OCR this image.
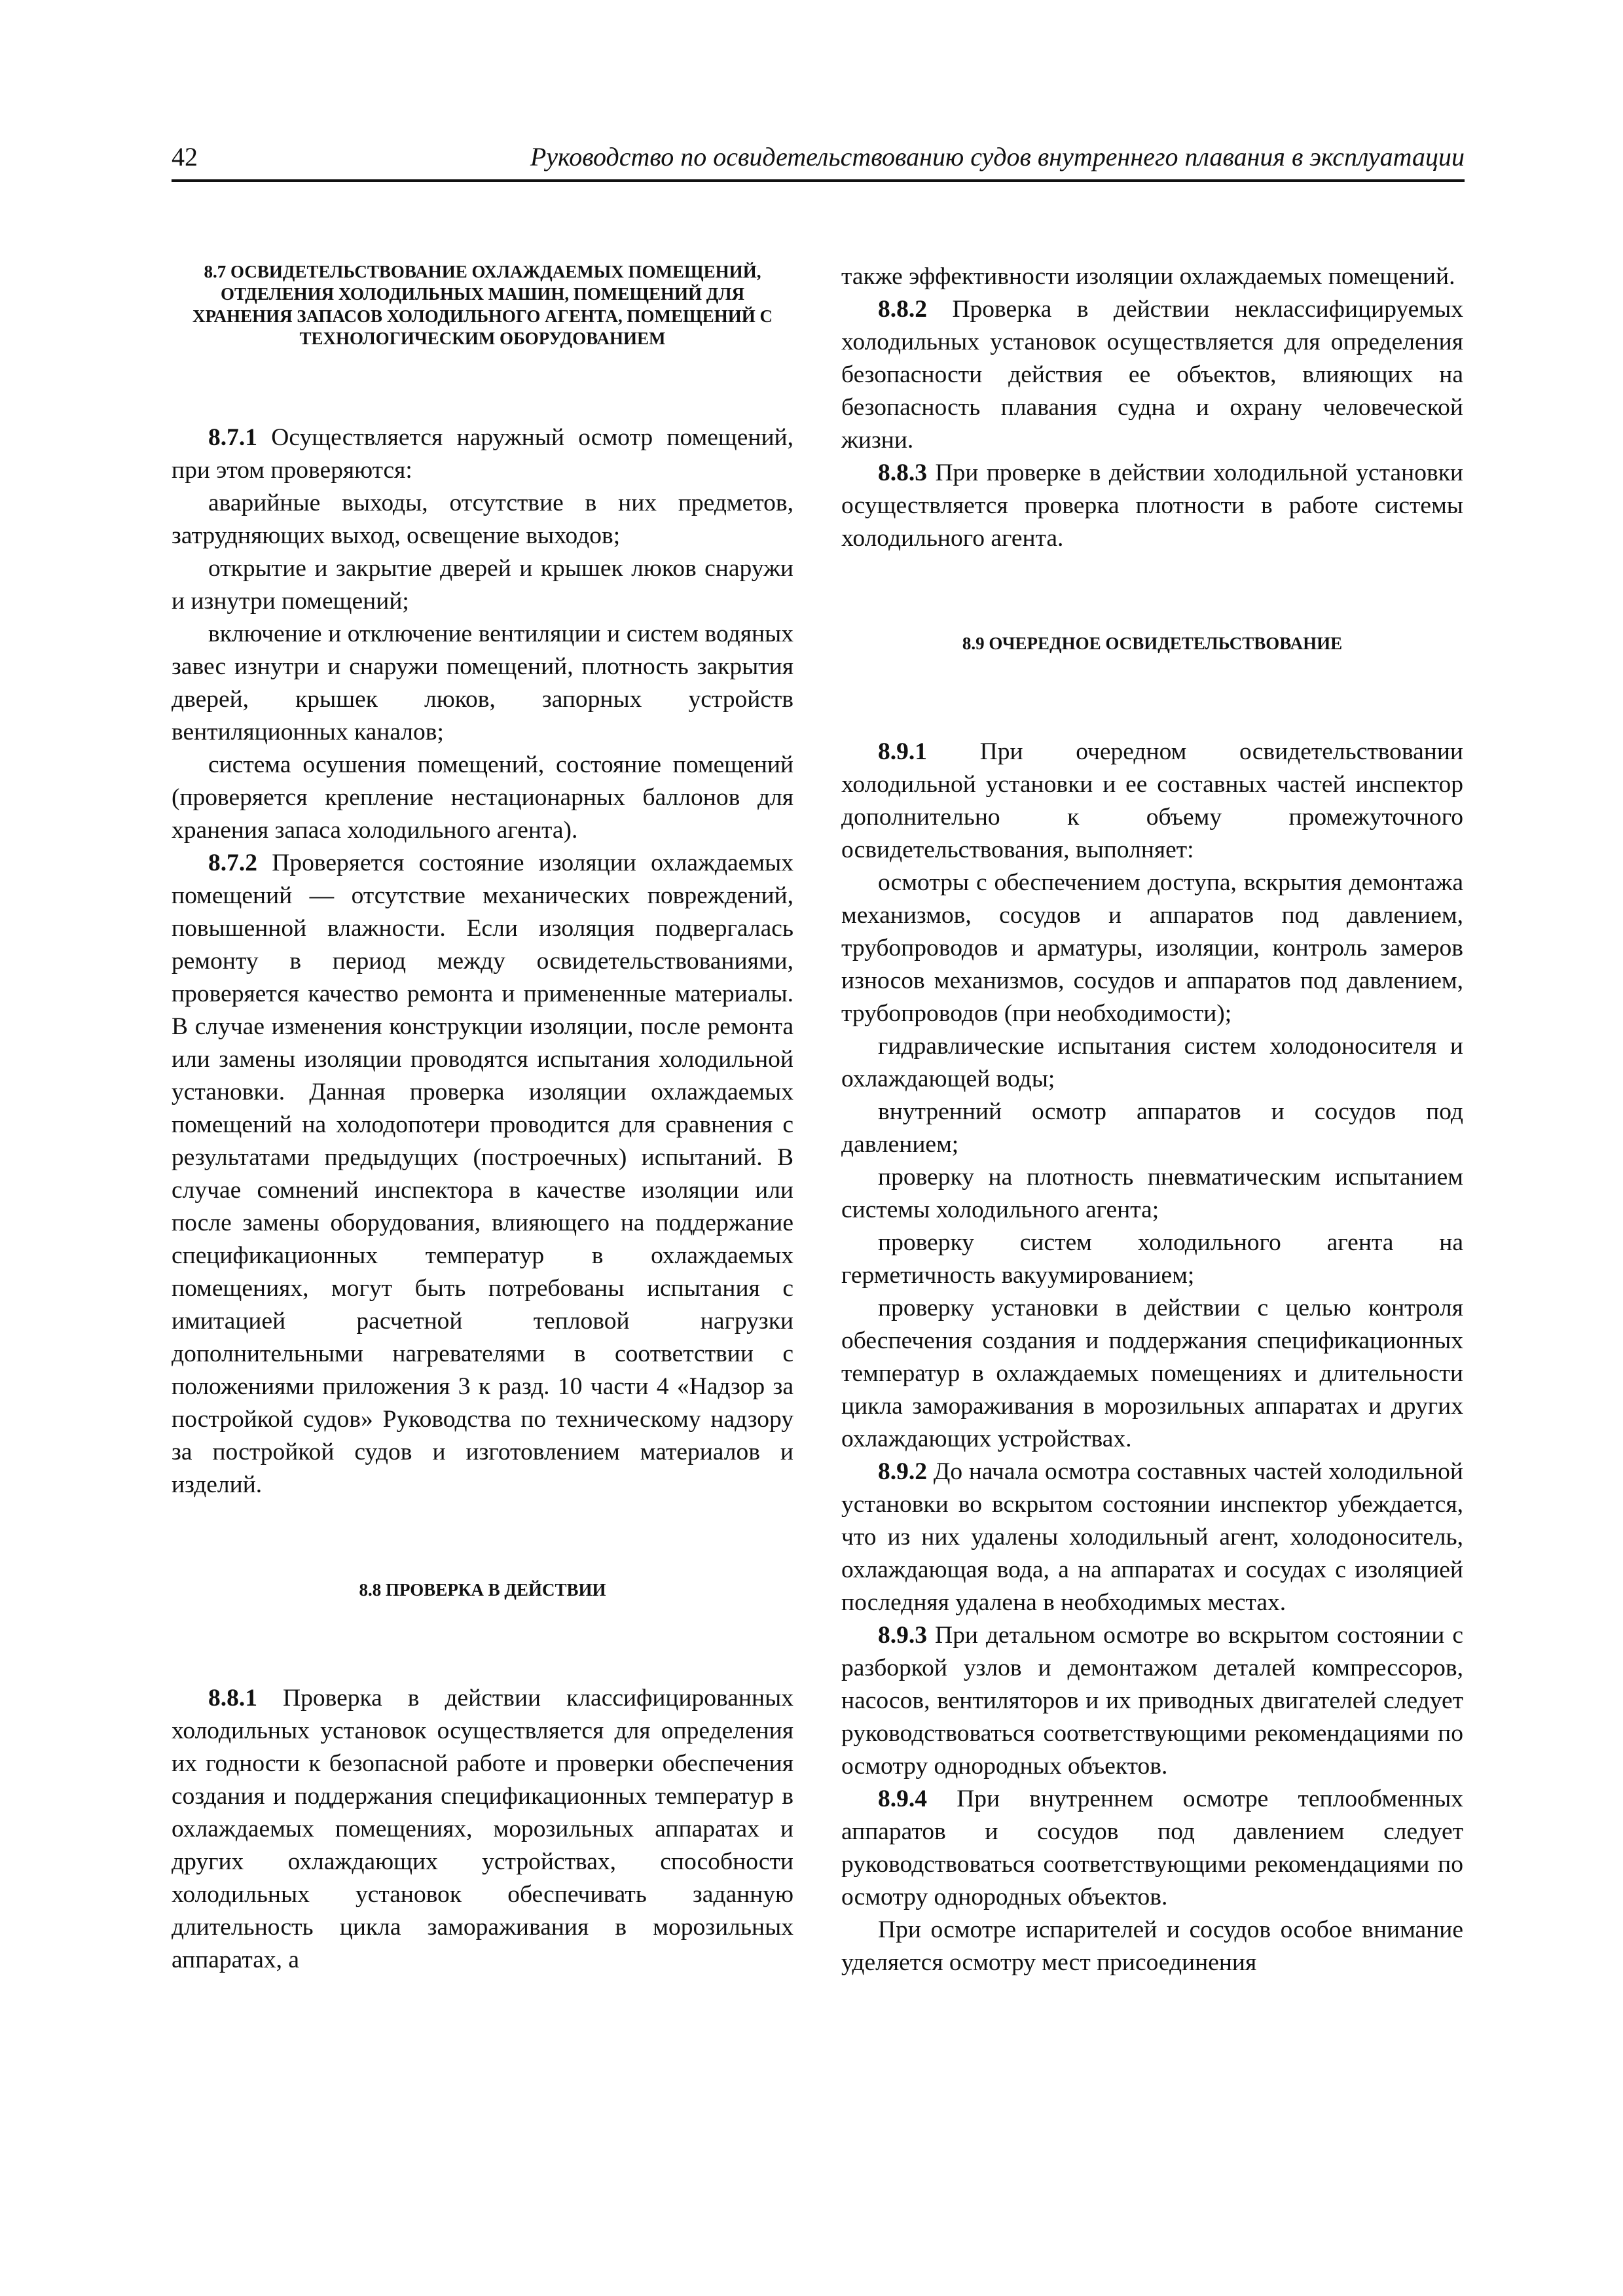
42	Руководство по освидетельствованию судов внутреннего плавания в эксплуатации
8.7 ОСВИДЕТЕЛЬСТВОВАНИЕ ОХЛАЖДАЕМЫХ ПОМЕЩЕНИЙ, ОТДЕЛЕНИЯ ХОЛОДИЛЬНЫХ МАШИН, ПОМЕЩЕНИЙ ДЛЯ ХРАНЕНИЯ ЗАПАСОВ ХОЛОДИЛЬНОГО АГЕНТА, ПОМЕЩЕНИЙ С ТЕХНОЛОГИЧЕСКИМ ОБОРУДОВАНИЕМ

8.7.1 Осуществляется наружный осмотр помещений, при этом проверяются:

аварийные выходы, отсутствие в них предметов, затрудняющих выход, освещение выходов;

открытие и закрытие дверей и крышек люков снаружи и изнутри помещений;

включение и отключение вентиляции и систем водяных завес изнутри и снаружи помещений, плотность закрытия дверей, крышек люков, запорных устройств вентиляционных каналов;

система осушения помещений, состояние помещений (проверяется крепление нестационарных баллонов для хранения запаса холодильного агента).

8.7.2 Проверяется состояние изоляции охлаждаемых помещений — отсутствие механических повреждений, повышенной влажности. Если изоляция подвергалась ремонту в период между освидетельствованиями, проверяется качество ремонта и примененные материалы. В случае изменения конструкции изоляции, после ремонта или замены изоляции проводятся испытания холодильной установки. Данная проверка изоляции охлаждаемых помещений на холодопотери проводится для сравнения с результатами предыдущих (построечных) испытаний. В случае сомнений инспектора в качестве изоляции или после замены оборудования, влияющего на поддержание спецификационных температур в охлаждаемых помещениях, могут быть потребованы испытания с имитацией расчетной тепловой нагрузки дополнительными нагревателями в соответствии с положениями приложения 3 к разд. 10 части 4 «Надзор за постройкой судов» Руководства по техническому надзору за постройкой судов и изготовлением материалов и изделий.

8.8 ПРОВЕРКА В ДЕЙСТВИИ

8.8.1 Проверка в действии классифицированных холодильных установок осуществляется для определения их годности к безопасной работе и проверки обеспечения создания и поддержания спецификационных температур в охлаждаемых помещениях, морозильных аппаратах и других охлаждающих устройствах, способности холодильных установок обеспечивать заданную длительность цикла замораживания в морозильных аппаратах, а

также эффективности изоляции охлаждаемых помещений.

8.8.2 Проверка в действии неклассифицируемых холодильных установок осуществляется для определения безопасности действия ее объектов, влияющих на безопасность плавания судна и охрану человеческой жизни.

8.8.3 При проверке в действии холодильной установки осуществляется проверка плотности в работе системы холодильного агента.

8.9 ОЧЕРЕДНОЕ ОСВИДЕТЕЛЬСТВОВАНИЕ

8.9.1 При очередном освидетельствовании холодильной установки и ее составных частей инспектор дополнительно к объему промежуточного освидетельствования, выполняет:

осмотры с обеспечением доступа, вскрытия демонтажа механизмов, сосудов и аппаратов под давлением, трубопроводов и арматуры, изоляции, контроль замеров износов механизмов, сосудов и аппаратов под давлением, трубопроводов (при необходимости);

гидравлические испытания систем холодоносителя и охлаждающей воды;

внутренний осмотр аппаратов и сосудов под давлением;

проверку на плотность пневматическим испытанием системы холодильного агента;

проверку систем холодильного агента на герметичность вакуумированием;

проверку установки в действии с целью контроля обеспечения создания и поддержания спецификационных температур в охлаждаемых помещениях и длительности цикла замораживания в морозильных аппаратах и других охлаждающих устройствах.

8.9.2 До начала осмотра составных частей холодильной установки во вскрытом состоянии инспектор убеждается, что из них удалены холодильный агент, холодоноситель, охлаждающая вода, а на аппаратах и сосудах с изоляцией последняя удалена в необходимых местах.

8.9.3 При детальном осмотре во вскрытом состоянии с разборкой узлов и демонтажом деталей компрессоров, насосов, вентиляторов и их приводных двигателей следует руководствоваться соответствующими рекомендациями по осмотру однородных объектов.

8.9.4 При внутреннем осмотре теплообменных аппаратов и сосудов под давлением следует руководствоваться соответствующими рекомендациями по осмотру однородных объектов.

При осмотре испарителей и сосудов особое внимание уделяется осмотру мест присоединения
